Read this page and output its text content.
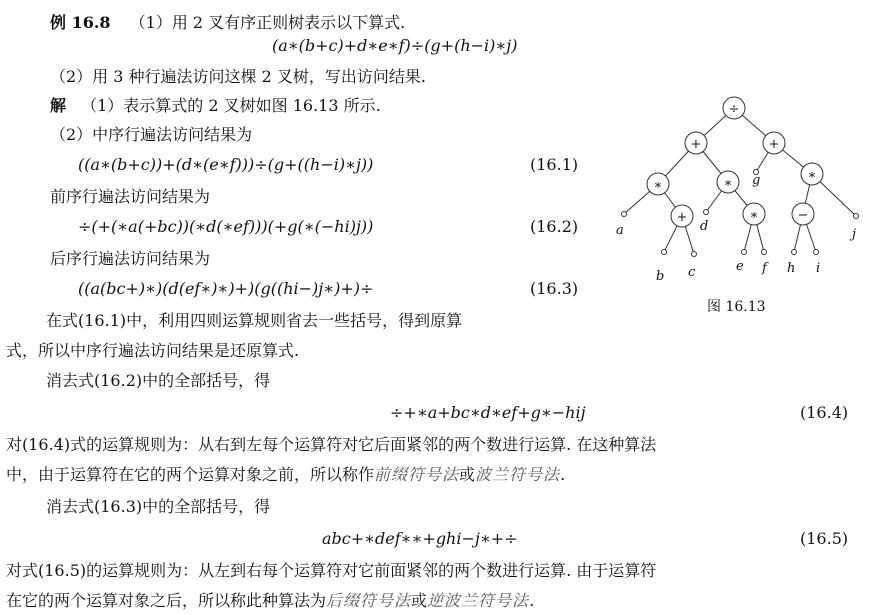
例 16.8 （1）用 2 叉有序正则树表示以下算式.
(a∗(b+c)+d∗e∗f)÷(g+(h−i)∗j)
（2）用 3 种行遍法访问这棵 2 叉树，写出访问结果.
解 （1）表示算式的 2 叉树如图 16.13 所示.
（2）中序行遍法访问结果为
((a∗(b+c))+(d∗(e∗f)))÷(g+((h−i)∗j))	(16.1)
前序行遍法访问结果为
÷(+(∗a(+bc))(∗d(∗ef)))(+g(∗(−hi)j))	(16.2)
后序行遍法访问结果为
((a(bc+)∗)(d(ef∗)∗)+)(g((hi−)j∗)+)÷	(16.3)
在式(16.1)中，利用四则运算规则省去一些括号，得到原算
式，所以中序行遍法访问结果是还原算式.
消去式(16.2)中的全部括号，得
÷+∗a+bc∗d∗ef+g∗−hij	(16.4)
对(16.4)式的运算规则为：从右到左每个运算符对它后面紧邻的两个数进行运算. 在这种算法
中，由于运算符在它的两个运算对象之前，所以称作前缀符号法或波兰符号法.
消去式(16.3)中的全部括号，得
abc+∗def∗∗+ghi−j∗+÷	(16.5)
对式(16.5)的运算规则为：从左到右每个运算符对它前面紧邻的两个数进行运算. 由于运算符
在它的两个运算对象之后，所以称此种算法为后缀符号法或逆波兰符号法.
÷
+	+
∗	∗
∗
+	∗	−
a
b c
d
e f
g
h i
j
图 16.13
